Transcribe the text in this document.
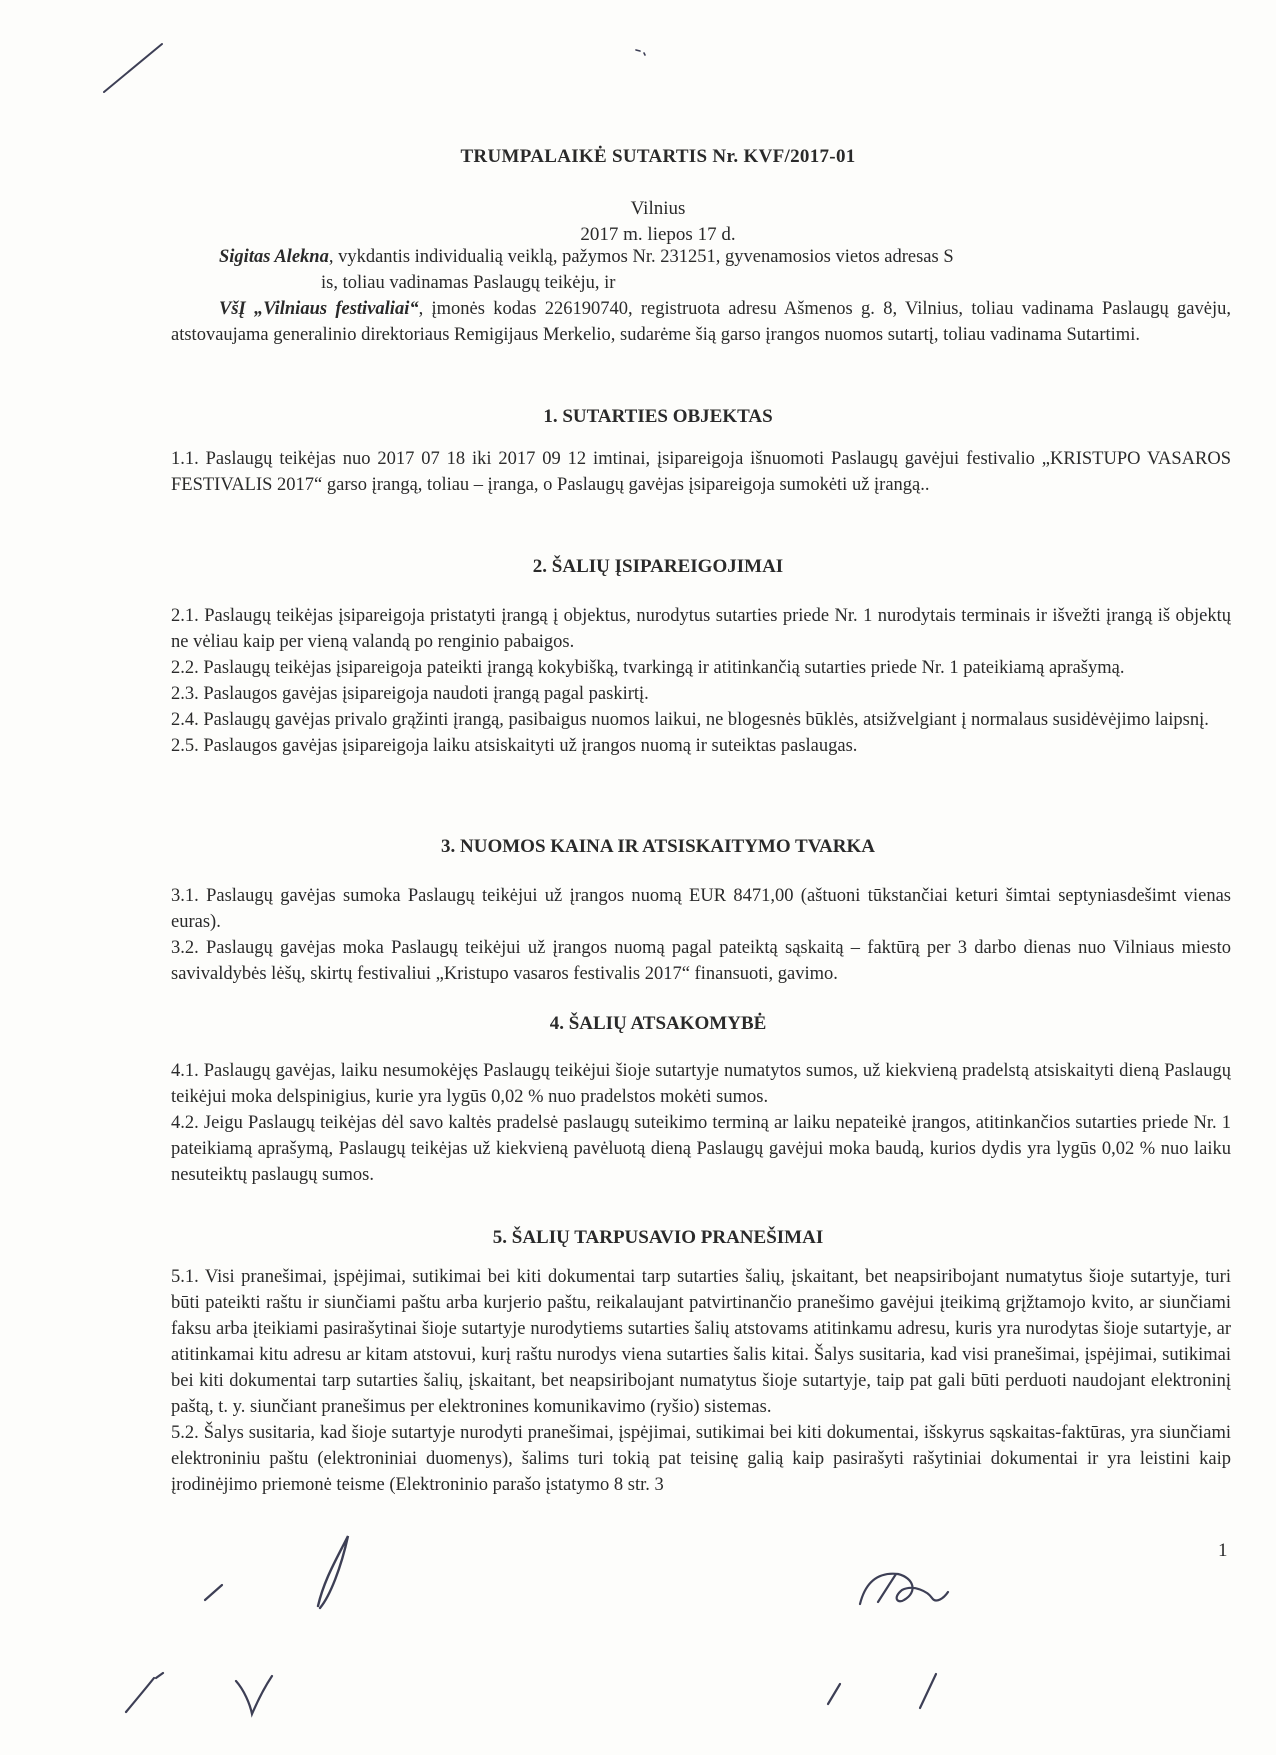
TRUMPALAIKĖ SUTARTIS Nr. KVF/2017-01
Vilnius
2017 m. liepos 17 d.

Sigitas Alekna, vykdantis individualią veiklą, pažymos Nr. 231251, gyvenamosios vietos adresas S

is, toliau vadinamas Paslaugų teikėju, ir

VšĮ „Vilniaus festivaliai“, įmonės kodas 226190740, registruota adresu Ašmenos g. 8, Vilnius, toliau vadinama Paslaugų gavėju, atstovaujama generalinio direktoriaus Remigijaus Merkelio, sudarėme šią garso įrangos nuomos sutartį, toliau vadinama Sutartimi.

1. SUTARTIES OBJEKTAS

1.1. Paslaugų teikėjas nuo 2017 07 18 iki 2017 09 12 imtinai, įsipareigoja išnuomoti Paslaugų gavėjui festivalio „KRISTUPO VASAROS FESTIVALIS 2017“ garso įrangą, toliau – įranga, o Paslaugų gavėjas įsipareigoja sumokėti už įrangą..

2. ŠALIŲ ĮSIPAREIGOJIMAI

2.1. Paslaugų teikėjas įsipareigoja pristatyti įrangą į objektus, nurodytus sutarties priede Nr. 1 nurodytais terminais ir išvežti įrangą iš objektų ne vėliau kaip per vieną valandą po renginio pabaigos.

2.2. Paslaugų teikėjas įsipareigoja pateikti įrangą kokybišką, tvarkingą ir atitinkančią sutarties priede Nr. 1 pateikiamą aprašymą.

2.3. Paslaugos gavėjas įsipareigoja naudoti įrangą pagal paskirtį.

2.4. Paslaugų gavėjas privalo grąžinti įrangą, pasibaigus nuomos laikui, ne blogesnės būklės, atsižvelgiant į normalaus susidėvėjimo laipsnį.

2.5. Paslaugos gavėjas įsipareigoja laiku atsiskaityti už įrangos nuomą ir suteiktas paslaugas.

3. NUOMOS KAINA IR ATSISKAITYMO TVARKA

3.1. Paslaugų gavėjas sumoka Paslaugų teikėjui už įrangos nuomą EUR 8471,00 (aštuoni tūkstančiai keturi šimtai septyniasdešimt vienas euras).

3.2. Paslaugų gavėjas moka Paslaugų teikėjui už įrangos nuomą pagal pateiktą sąskaitą – faktūrą per 3 darbo dienas nuo Vilniaus miesto savivaldybės lėšų, skirtų festivaliui „Kristupo vasaros festivalis 2017“ finansuoti, gavimo.

4. ŠALIŲ ATSAKOMYBĖ

4.1. Paslaugų gavėjas, laiku nesumokėjęs Paslaugų teikėjui šioje sutartyje numatytos sumos, už kiekvieną pradelstą atsiskaityti dieną Paslaugų teikėjui moka delspinigius, kurie yra lygūs 0,02 % nuo pradelstos mokėti sumos.

4.2. Jeigu Paslaugų teikėjas dėl savo kaltės pradelsė paslaugų suteikimo terminą ar laiku nepateikė įrangos, atitinkančios sutarties priede Nr. 1 pateikiamą aprašymą, Paslaugų teikėjas už kiekvieną pavėluotą dieną Paslaugų gavėjui moka baudą, kurios dydis yra lygūs 0,02 % nuo laiku nesuteiktų paslaugų sumos.

5. ŠALIŲ TARPUSAVIO PRANEŠIMAI

5.1. Visi pranešimai, įspėjimai, sutikimai bei kiti dokumentai tarp sutarties šalių, įskaitant, bet neapsiribojant numatytus šioje sutartyje, turi būti pateikti raštu ir siunčiami paštu arba kurjerio paštu, reikalaujant patvirtinančio pranešimo gavėjui įteikimą grįžtamojo kvito, ar siunčiami faksu arba įteikiami pasirašytinai šioje sutartyje nurodytiems sutarties šalių atstovams atitinkamu adresu, kuris yra nurodytas šioje sutartyje, ar atitinkamai kitu adresu ar kitam atstovui, kurį raštu nurodys viena sutarties šalis kitai. Šalys susitaria, kad visi pranešimai, įspėjimai, sutikimai bei kiti dokumentai tarp sutarties šalių, įskaitant, bet neapsiribojant numatytus šioje sutartyje, taip pat gali būti perduoti naudojant elektroninį paštą, t. y. siunčiant pranešimus per elektronines komunikavimo (ryšio) sistemas.

5.2. Šalys susitaria, kad šioje sutartyje nurodyti pranešimai, įspėjimai, sutikimai bei kiti dokumentai, išskyrus sąskaitas-faktūras, yra siunčiami elektroniniu paštu (elektroniniai duomenys), šalims turi tokią pat teisinę galią kaip pasirašyti rašytiniai dokumentai ir yra leistini kaip įrodinėjimo priemonė teisme (Elektroninio parašo įstatymo 8 str. 3

1
